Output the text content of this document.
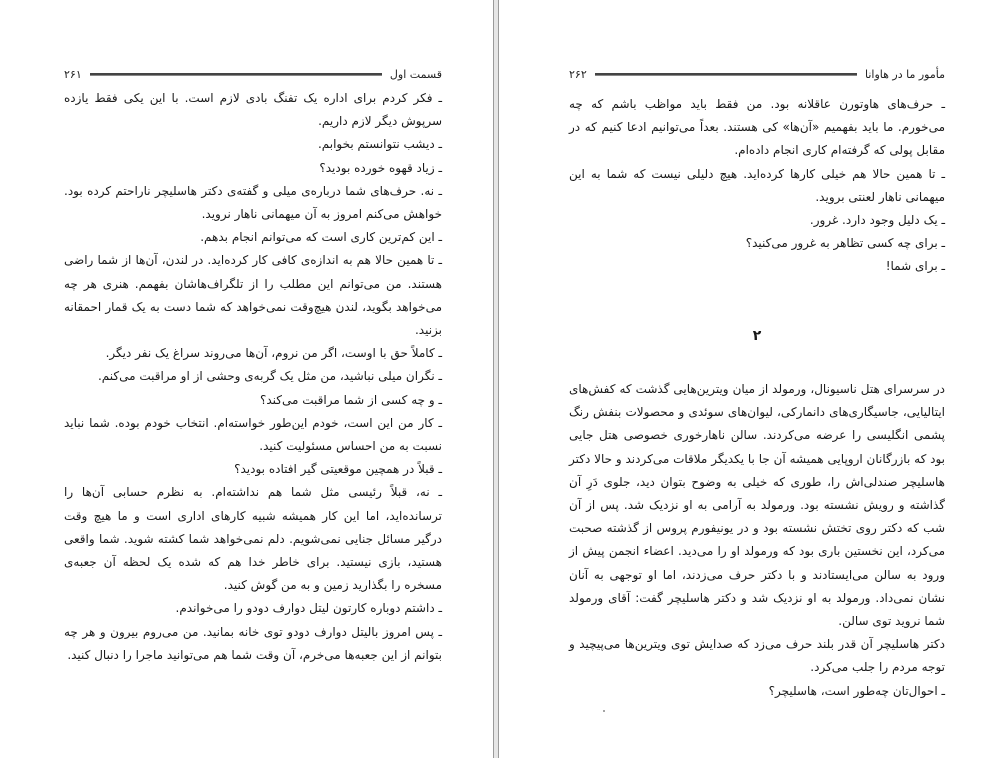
قسمت اول
۲۶۱

ـ فکر کردم برای اداره یک تفنگ بادی لازم است. با این یکی فقط یازده سرپوش دیگر لازم داریم.

ـ دیشب نتوانستم بخوابم.

ـ زیاد قهوه خورده بودید؟

ـ نه. حرف‌های شما درباره‌ی میلی و گفته‌ی دکتر هاسلیچر ناراحتم کرده بود. خواهش می‌کنم امروز به آن میهمانی ناهار نروید.

ـ این کم‌ترین کاری است که می‌توانم انجام بدهم.

ـ تا همین حالا هم به اندازه‌ی کافی کار کرده‌اید. در لندن، آن‌ها از شما راضی هستند. من می‌توانم این مطلب را از تلگراف‌هاشان بفهمم. هنری هر چه می‌خواهد بگوید، لندن هیچ‌وقت نمی‌خواهد که شما دست به یک قمار احمقانه بزنید.

ـ کاملاً حق با اوست، اگر من نروم، آن‌ها می‌روند سراغ یک نفر دیگر.

ـ نگران میلی نباشید، من مثل یک گربه‌ی وحشی از او مراقبت می‌کنم.

ـ و چه کسی از شما مراقبت می‌کند؟

ـ کار من این است، خودم این‌طور خواسته‌ام. انتخاب خودم بوده. شما نباید نسبت به من احساس مسئولیت کنید.

ـ قبلاً در همچین موقعیتی گیر افتاده بودید؟

ـ نه، قبلاً رئیسی مثل شما هم نداشته‌ام. به نظرم حسابی آن‌ها را ترسانده‌اید، اما این کار همیشه شبیه کارهای اداری است و ما هیچ وقت درگیر مسائل جنایی نمی‌شویم. دلم نمی‌خواهد شما کشته شوید. شما واقعی هستید، بازی نیستید. برای خاطر خدا هم که شده یک لحظه آن جعبه‌ی مسخره را بگذارید زمین و به من گوش کنید.

ـ داشتم دوباره کارتون لیتل دوارف دودو را می‌خواندم.

ـ پس امروز بالیتل دوارف دودو توی خانه بمانید. من می‌روم بیرون و هر چه بتوانم از این جعبه‌ها می‌خرم، آن وقت شما هم می‌توانید ماجرا را دنبال کنید.

مأمور ما در هاوانا
۲۶۲

ـ حرف‌های هاوتورن عاقلانه بود. من فقط باید مواظب باشم که چه می‌خورم. ما باید بفهمیم «آن‌ها» کی هستند. بعداً می‌توانیم ادعا کنیم که در مقابل پولی که گرفته‌ام کاری انجام داده‌ام.

ـ تا همین حالا هم خیلی کارها کرده‌اید. هیچ دلیلی نیست که شما به این میهمانی ناهار لعنتی بروید.

ـ یک دلیل وجود دارد. غرور.

ـ برای چه کسی تظاهر به غرور می‌کنید؟

ـ برای شما!

۲

در سرسرای هتل ناسیونال، ورمولد از میان ویترین‌هایی گذشت که کفش‌های ایتالیایی، جاسیگاری‌های دانمارکی، لیوان‌های سوئدی و محصولات بنفش رنگ پشمی انگلیسی را عرضه می‌کردند. سالن ناهارخوری خصوصی هتل جایی بود که بازرگانان اروپایی همیشه آن جا با یکدیگر ملاقات می‌کردند و حالا دکتر هاسلیچر صندلی‌اش را، طوری که خیلی به وضوح بتوان دید، جلوی دَرِ آن گذاشته و رویش نشسته بود. ورمولد به آرامی به او نزدیک شد. پس از آن شب که دکتر روی تختش نشسته بود و در یونیفورم پروس از گذشته صحبت می‌کرد، این نخستین باری بود که ورمولد او را می‌دید. اعضاء انجمن پیش از ورود به سالن می‌ایستادند و با دکتر حرف می‌زدند، اما او توجهی به آنان نشان نمی‌داد. ورمولد به او نزدیک شد و دکتر هاسلیچر گفت: آقای ورمولد شما نروید توی سالن.

دکتر هاسلیچر آن قدر بلند حرف می‌زد که صدایش توی ویترین‌ها می‌پیچید و توجه مردم را جلب می‌کرد.

ـ احوال‌تان چه‌طور است، هاسلیچر؟
